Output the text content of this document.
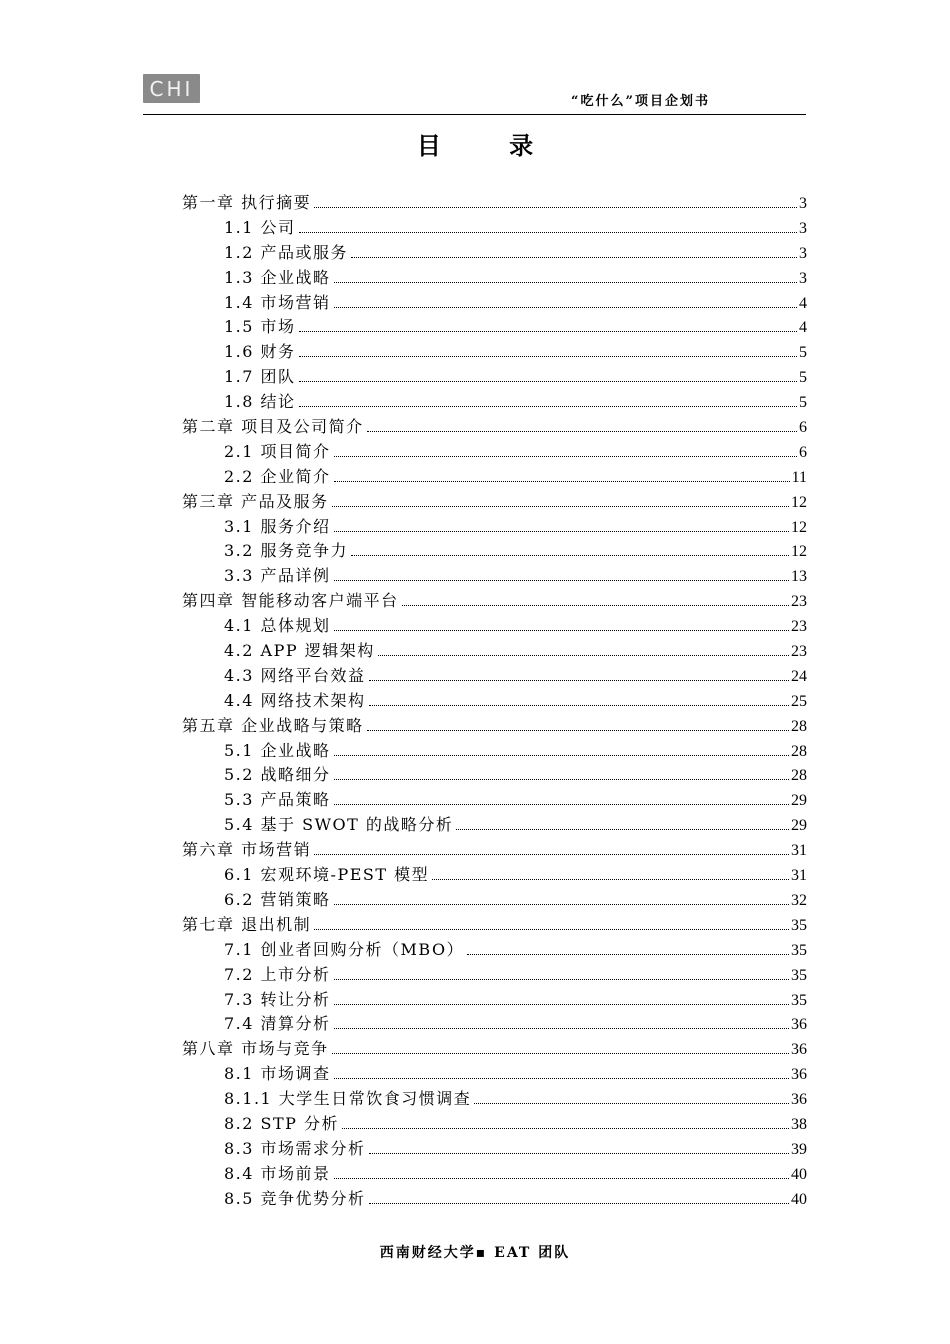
CHI
“吃什么”项目企划书
目 录
第一章 执行摘要	3
1.1 公司	3
1.2 产品或服务	3
1.3 企业战略	3
1.4 市场营销	4
1.5 市场	4
1.6 财务	5
1.7 团队	5
1.8 结论	5
第二章 项目及公司简介	6
2.1 项目简介	6
2.2 企业简介	11
第三章 产品及服务	12
3.1 服务介绍	12
3.2 服务竞争力	12
3.3 产品详例	13
第四章 智能移动客户端平台	23
4.1 总体规划	23
4.2 APP 逻辑架构	23
4.3 网络平台效益	24
4.4 网络技术架构	25
第五章 企业战略与策略	28
5.1 企业战略	28
5.2 战略细分	28
5.3 产品策略	29
5.4 基于 SWOT 的战略分析	29
第六章 市场营销	31
6.1 宏观环境-PEST 模型	31
6.2 营销策略	32
第七章 退出机制	35
7.1 创业者回购分析（MBO）	35
7.2 上市分析	35
7.3 转让分析	35
7.4 清算分析	36
第八章 市场与竞争	36
8.1 市场调查	36
8.1.1 大学生日常饮食习惯调查	36
8.2 STP 分析	38
8.3 市场需求分析	39
8.4 市场前景	40
8.5 竞争优势分析	40
西南财经大学▪ EAT 团队
